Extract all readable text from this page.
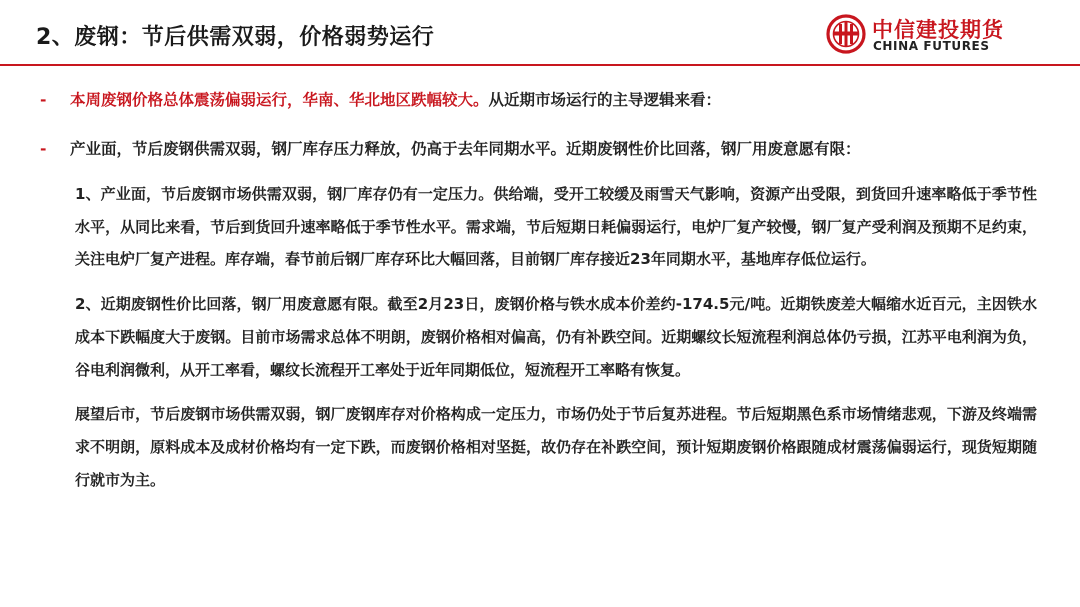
2、废钢：节后供需双弱，价格弱势运行	中信建投期货
CHINA FUTURES
- 本周废钢价格总体震荡偏弱运行，华南、华北地区跌幅较大。从近期市场运行的主导逻辑来看：
- 产业面，节后废钢供需双弱，钢厂库存压力释放，仍高于去年同期水平。近期废钢性价比回落，钢厂用废意愿有限：

1、产业面，节后废钢市场供需双弱，钢厂库存仍有一定压力。供给端，受开工较缓及雨雪天气影响，资源产出受限，到货回升速率略低于季节性水平，从同比来看，节后到货回升速率略低于季节性水平。需求端，节后短期日耗偏弱运行，电炉厂复产较慢，钢厂复产受利润及预期不足约束，关注电炉厂复产进程。库存端，春节前后钢厂库存环比大幅回落，目前钢厂库存接近23年同期水平，基地库存低位运行。

2、近期废钢性价比回落，钢厂用废意愿有限。截至2月23日，废钢价格与铁水成本价差约-174.5元/吨。近期铁废差大幅缩水近百元，主因铁水成本下跌幅度大于废钢。目前市场需求总体不明朗，废钢价格相对偏高，仍有补跌空间。近期螺纹长短流程利润总体仍亏损，江苏平电利润为负，谷电利润微利，从开工率看，螺纹长流程开工率处于近年同期低位，短流程开工率略有恢复。

展望后市，节后废钢市场供需双弱，钢厂废钢库存对价格构成一定压力，市场仍处于节后复苏进程。节后短期黑色系市场情绪悲观，下游及终端需求不明朗，原料成本及成材价格均有一定下跌，而废钢价格相对坚挺，故仍存在补跌空间，预计短期废钢价格跟随成材震荡偏弱运行，现货短期随行就市为主。
